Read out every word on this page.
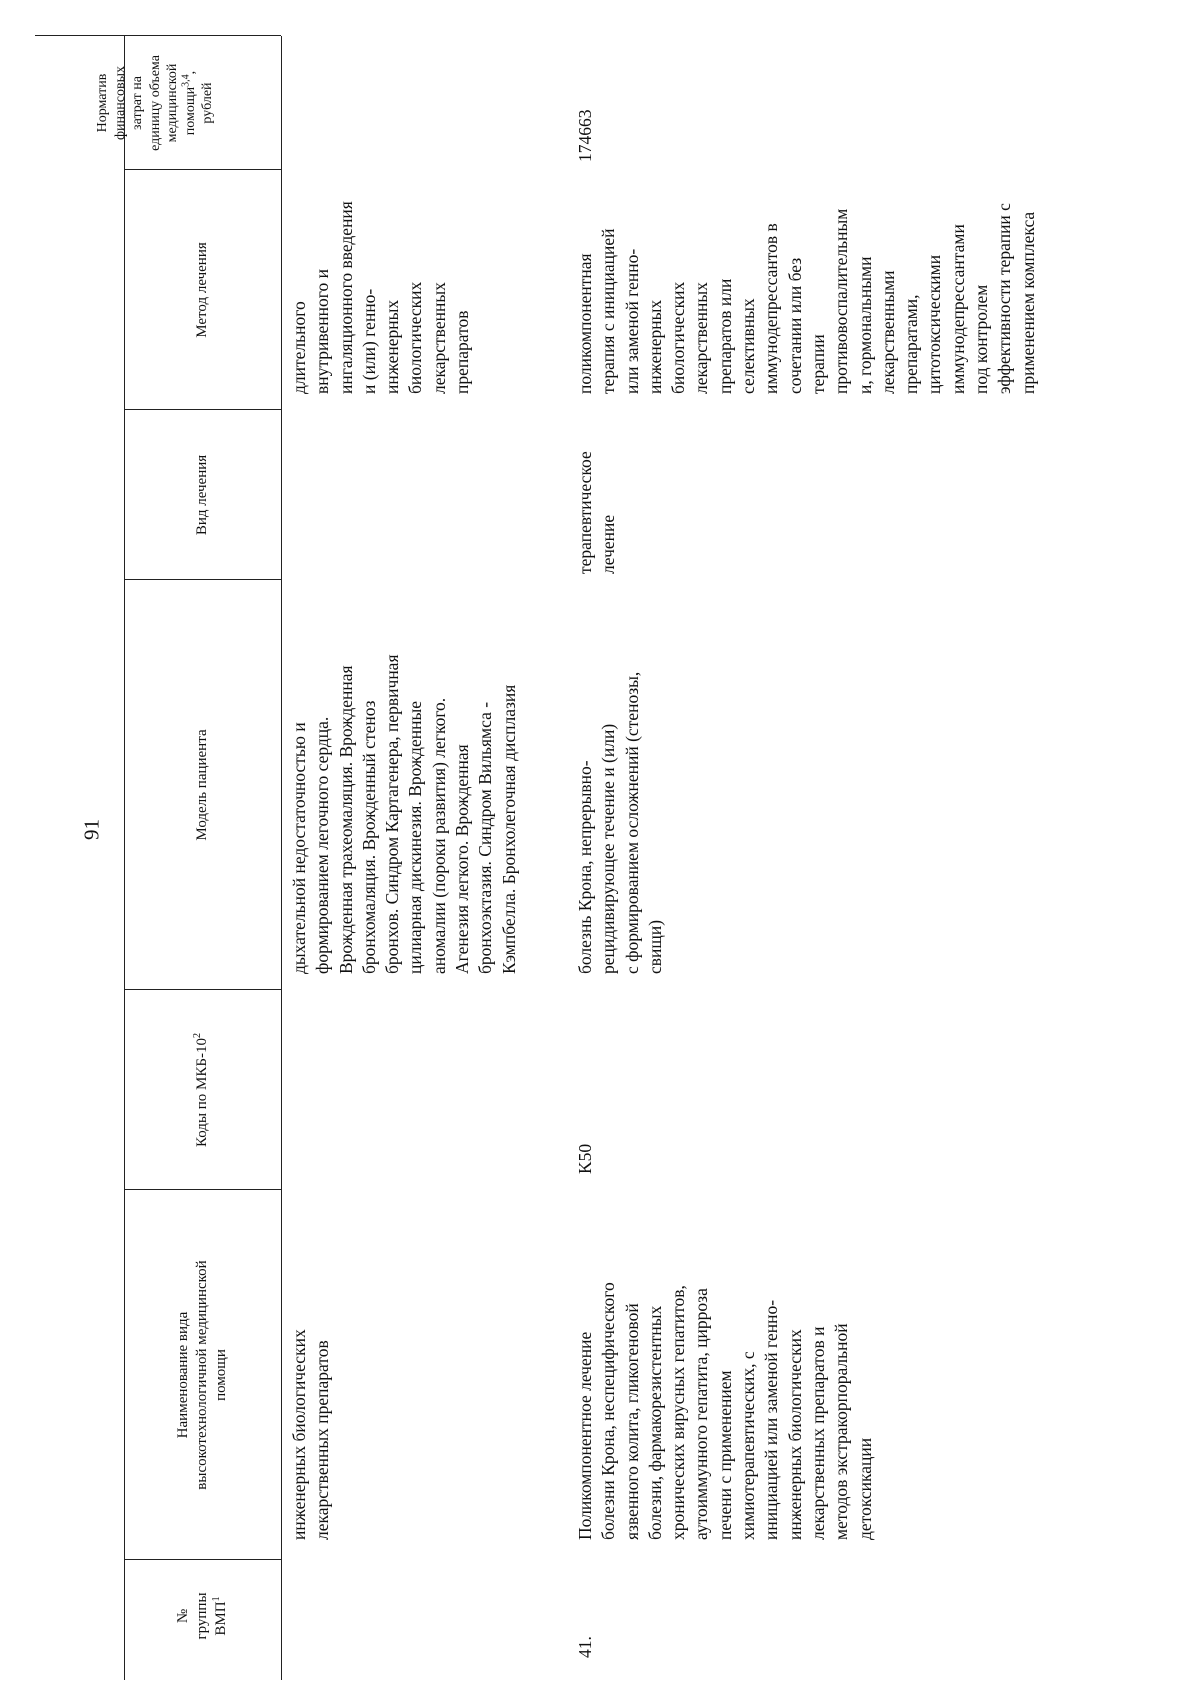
91
№ группы ВМП$^1$
Наименование вида высокотехнологичной медицинской помощи
Коды по МКБ-$10^2$
Модель пациента
Вид лечения
Метод лечения
Норматив финансовых затрат на единицу объема медицинской помощи$^{3,4}$,
рублей
инженерных биологических лекарственных препаратов
дыхательной недостаточностью и формированием легочного сердца. Врожденная трахеомаляция. Врожденная бронхомаляция. Врожденный стеноз бронхов. Синдром Картагенера, первичная цилиарная дискинезия. Врожденные аномалии (пороки развития) легкого. Агенезия легкого. Врожденная бронхоэктазия. Синдром Вильямса - Кэмпбелла. Бронхолегочная дисплазия
длительного внутривенного и ингаляционного введения и (или) генно- инженерных биологических лекарственных препаратов
41.
Поликомпонентное лечение болезни Крона, неспецифического язвенного колита, гликогеновой болезни, фармакорезистентных хронических вирусных гепатитов, аутоиммунного гепатита, цирроза печени с применением химиотерапевтических, с инициацией или заменой генно- инженерных биологических лекарственных препаратов и методов экстракорпоральной детоксикации
K50
болезнь Крона, непрерывно- рецидивирующее течение и (или) с формированием осложнений (стенозы, свищи)
терапевтическое лечение
поликомпонентная терапия с инициацией или заменой генно- инженерных биологических лекарственных препаратов или селективных иммунодепрессантов в сочетании или без терапии противовоспалительным и, гормональными лекарственными препаратами, цитотоксическими иммунодепрессантами под контролем эффективности терапии с применением комплекса
174663
